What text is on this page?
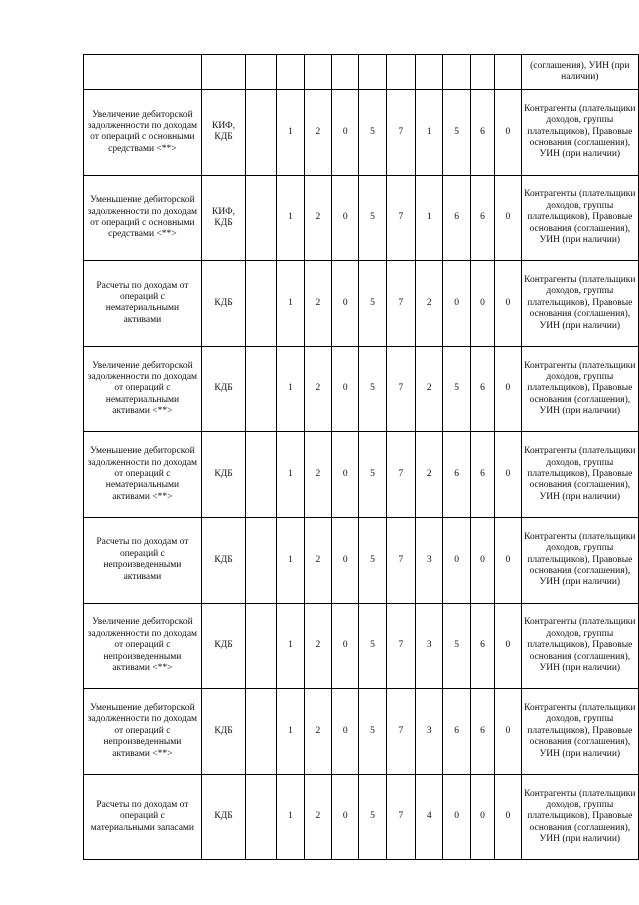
												(соглашения), УИН (при наличии)
Увеличение дебиторской задолженности по доходам от операций с основными средствами <**>	КИФ, КДБ		1	2	0	5	7	1	5	6	0	Контрагенты (плательщики доходов, группы плательщиков), Правовые основания (соглашения), УИН (при наличии)
Уменьшение дебиторской задолженности по доходам от операций с основными средствами <**>	КИФ, КДБ		1	2	0	5	7	1	6	6	0	Контрагенты (плательщики доходов, группы плательщиков), Правовые основания (соглашения), УИН (при наличии)
Расчеты по доходам от операций с нематериальными активами	КДБ		1	2	0	5	7	2	0	0	0	Контрагенты (плательщики доходов, группы плательщиков), Правовые основания (соглашения), УИН (при наличии)
Увеличение дебиторской задолженности по доходам от операций с нематериальными активами <**>	КДБ		1	2	0	5	7	2	5	6	0	Контрагенты (плательщики доходов, группы плательщиков), Правовые основания (соглашения), УИН (при наличии)
Уменьшение дебиторской задолженности по доходам от операций с нематериальными активами <**>	КДБ		1	2	0	5	7	2	6	6	0	Контрагенты (плательщики доходов, группы плательщиков), Правовые основания (соглашения), УИН (при наличии)
Расчеты по доходам от операций с непроизведенными активами	КДБ		1	2	0	5	7	3	0	0	0	Контрагенты (плательщики доходов, группы плательщиков), Правовые основания (соглашения), УИН (при наличии)
Увеличение дебиторской задолженности по доходам от операций с непроизведенными активами <**>	КДБ		1	2	0	5	7	3	5	6	0	Контрагенты (плательщики доходов, группы плательщиков), Правовые основания (соглашения), УИН (при наличии)
Уменьшение дебиторской задолженности по доходам от операций с непроизведенными активами <**>	КДБ		1	2	0	5	7	3	6	6	0	Контрагенты (плательщики доходов, группы плательщиков), Правовые основания (соглашения), УИН (при наличии)
Расчеты по доходам от операций с материальными запасами	КДБ		1	2	0	5	7	4	0	0	0	Контрагенты (плательщики доходов, группы плательщиков), Правовые основания (соглашения), УИН (при наличии)
